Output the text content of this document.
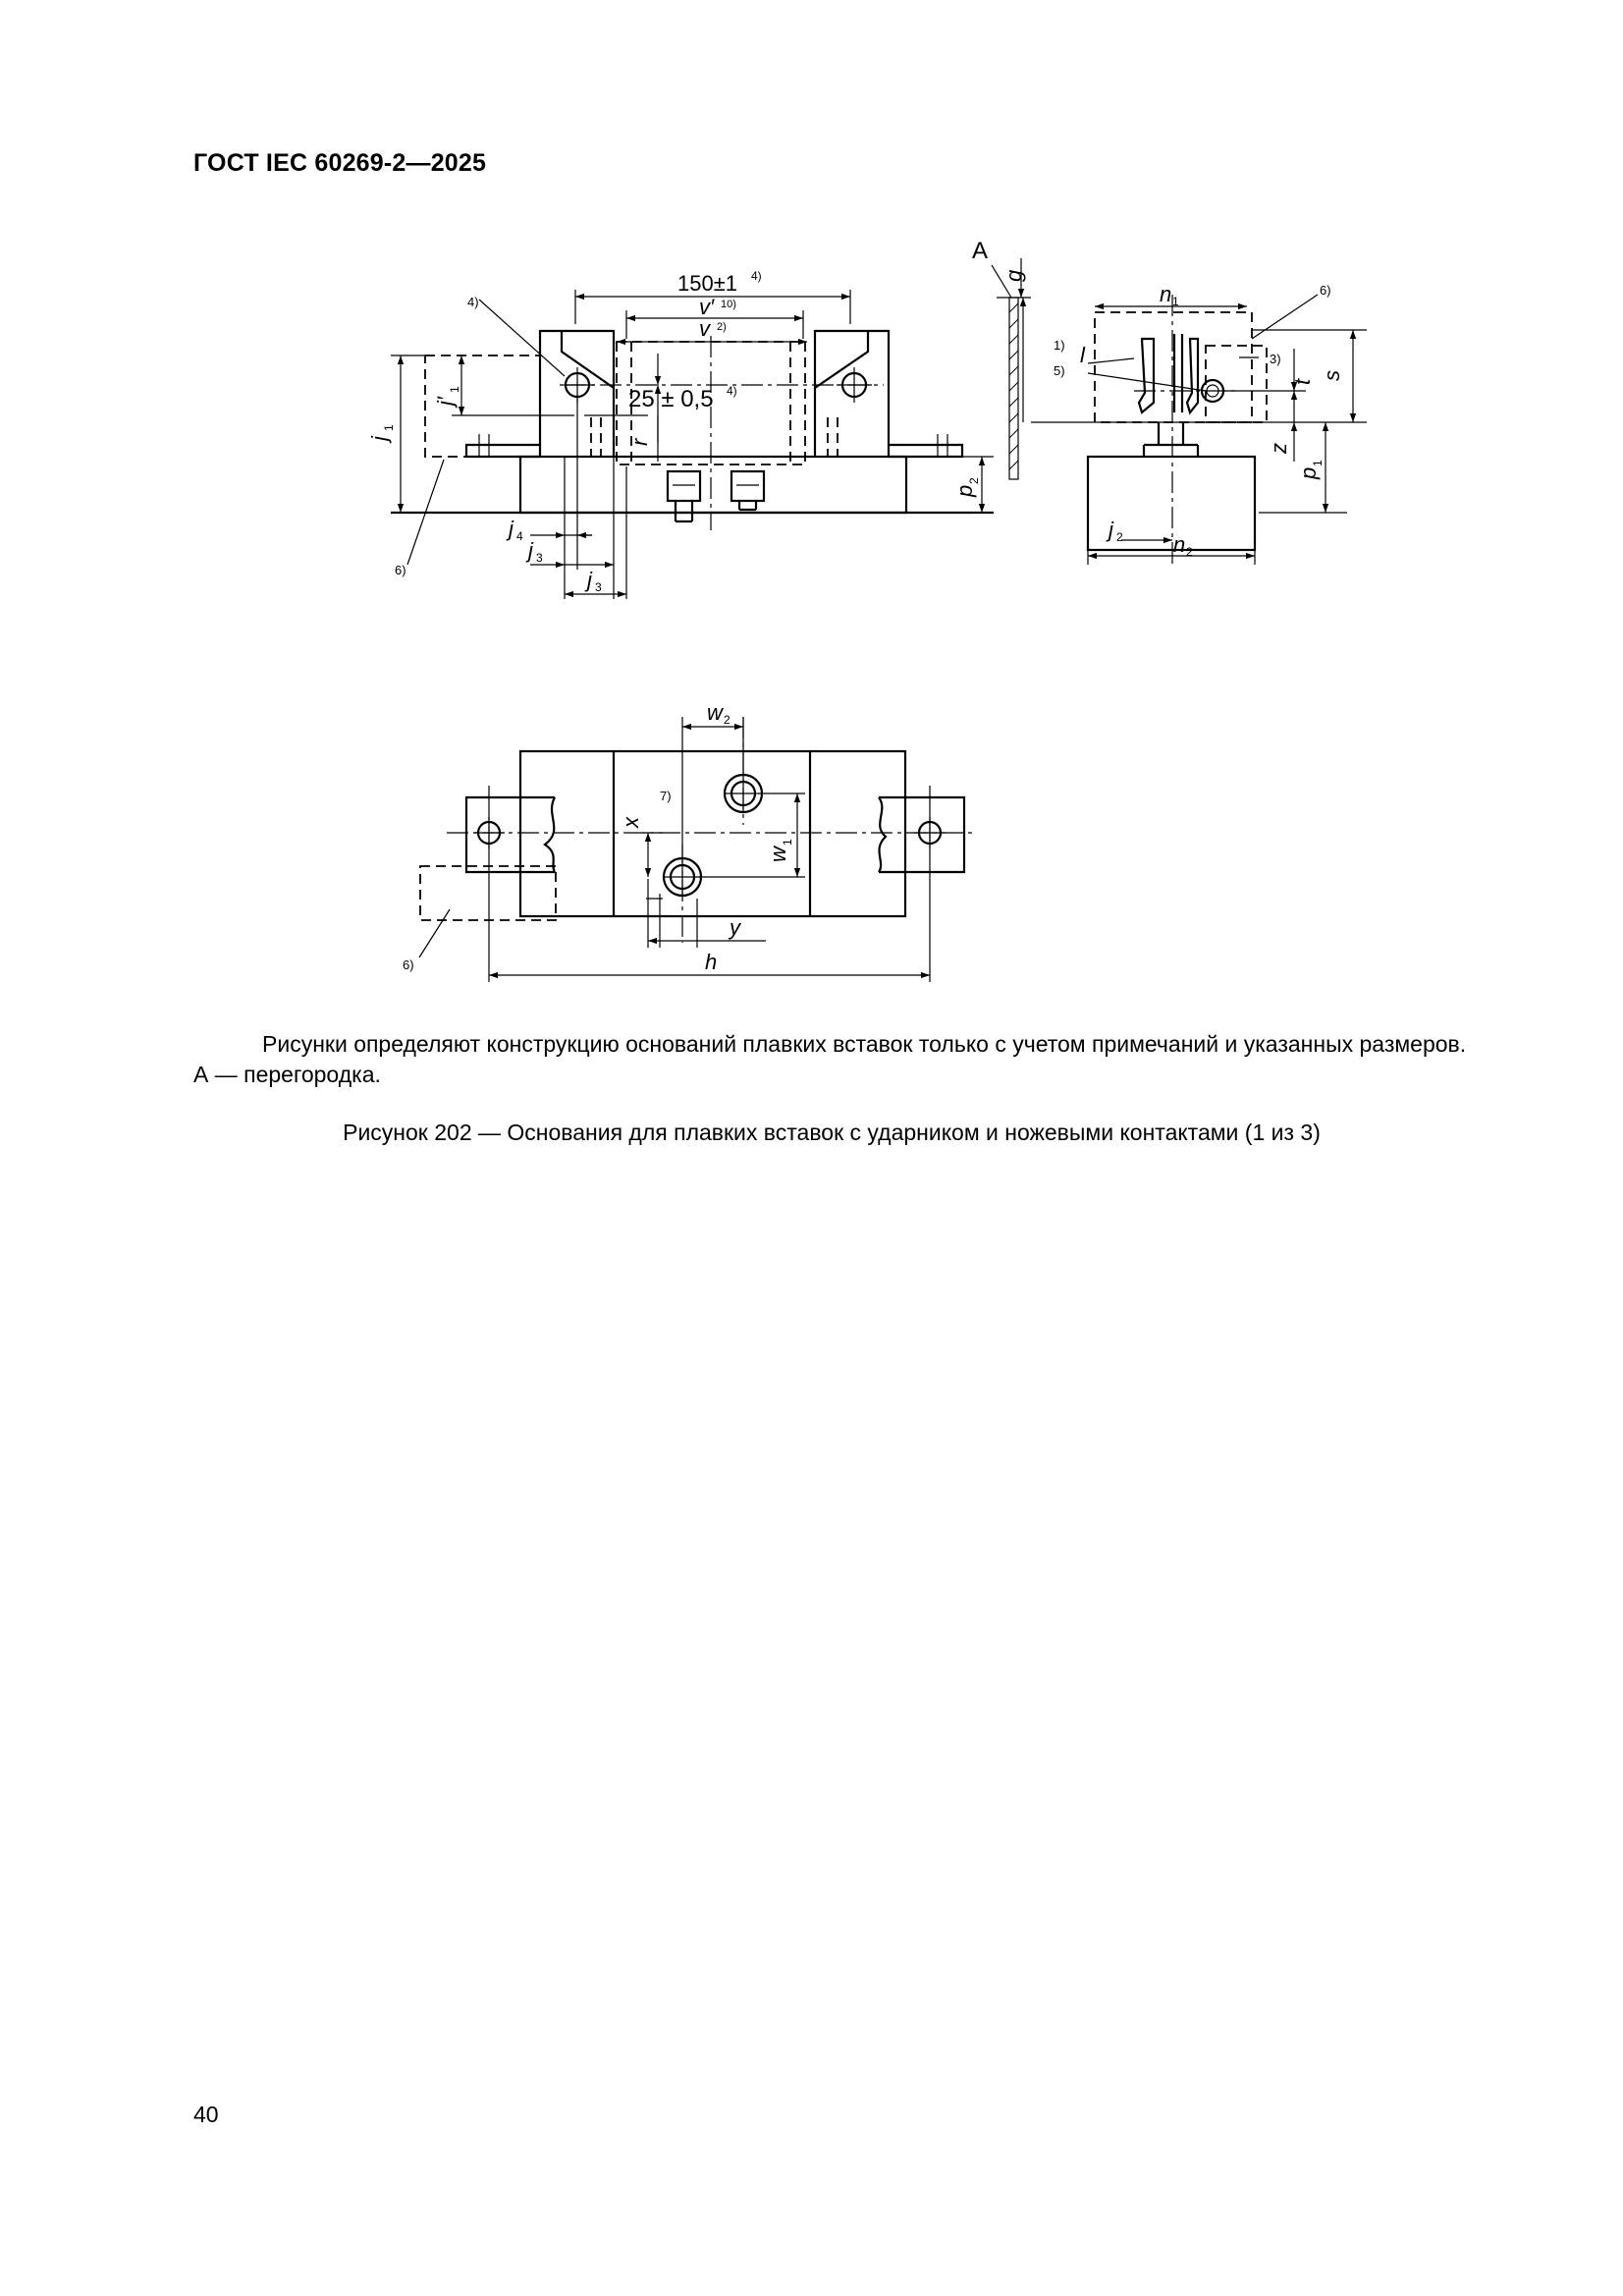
ГОСТ IEC 60269-2—2025
150±1 4)
v′ 10)
v 2)
25 ± 0,5 4)
4)
6)
r
A
g
j
1
j′
1
p
2
j 4
j 3
j 3
n 1
1)
5)
3)
6)
l
t
s
z
p
1
j 2 n 2
w 2
7)
x
w
1
y
h
6)
Рисунки определяют конструкцию оснований плавких вставок только с учетом примечаний и указанных размеров. А — перегородка.
Рисунок 202 — Основания для плавких вставок с ударником и ножевыми контактами (1 из 3)
40
